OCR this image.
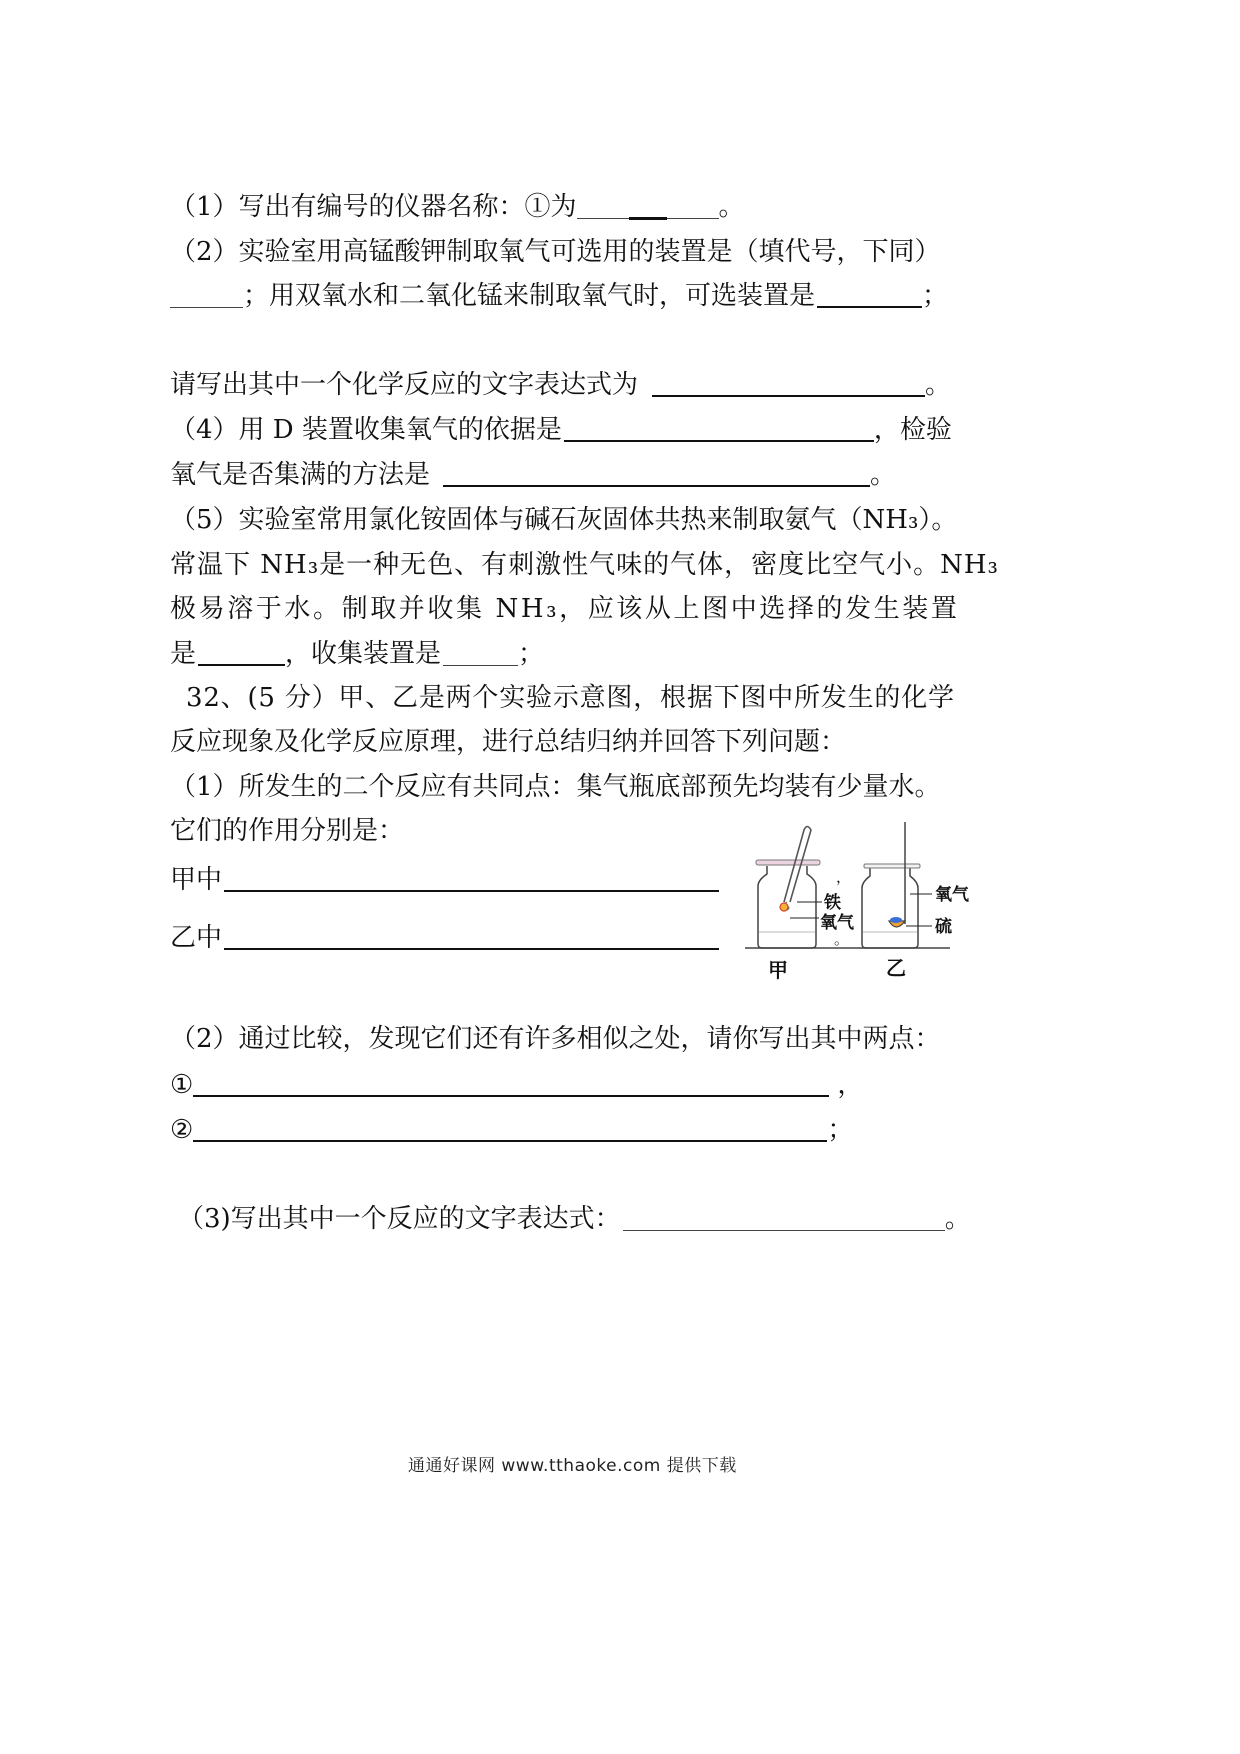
（1）写出有编号的仪器名称：①为	。
（2）实验室用高锰酸钾制取氧气可选用的装置是（填代号，下同）
；用双氧水和二氧化锰来制取氧气时，可选装置是	；
请写出其中一个化学反应的文字表达式为	。
（4）用 D 装置收集氧气的依据是	，检验
氧气是否集满的方法是	。
（5）实验室常用氯化铵固体与碱石灰固体共热来制取氨气（NH₃）。
常温下 NH₃是一种无色、有刺激性气味的气体，密度比空气小。NH₃
极易溶于水。制取并收集 NH₃，应该从上图中选择的发生装置
是	，收集装置是	；
32、(5 分）甲、乙是两个实验示意图，根据下图中所发生的化学
反应现象及化学反应原理，进行总结归纳并回答下列问题：
（1）所发生的二个反应有共同点：集气瓶底部预先均装有少量水。
它们的作用分别是：
甲中
乙中
，
铁
氧气
。
甲
氧气
硫
乙
（2）通过比较，发现它们还有许多相似之处，请你写出其中两点：
①	，
②	；
（3)写出其中一个反应的文字表达式：	。
通通好课网 www.tthaoke.com 提供下载
